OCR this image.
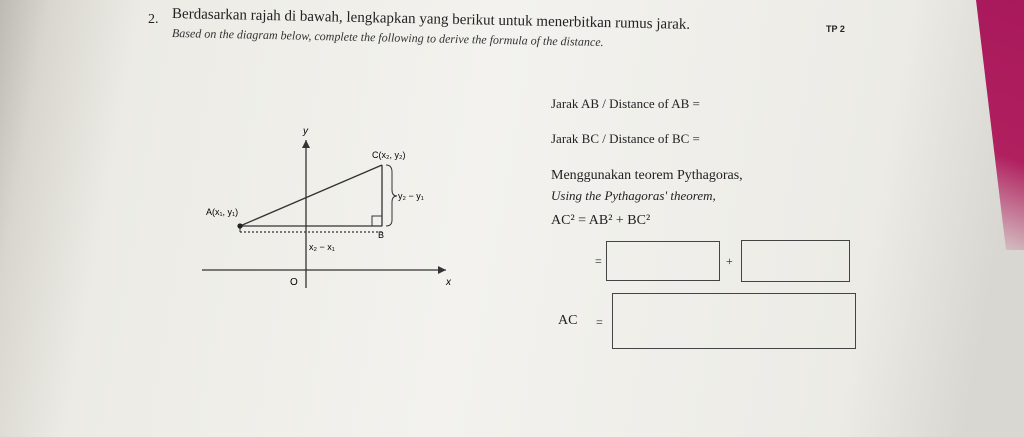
2. Berdasarkan rajah di bawah, lengkapkan yang berikut untuk menerbitkan rumus jarak.	TP 2
Based on the diagram below, complete the following to derive the formula of the distance.
y
x
O
A(x₁, y₁)
B
C(x₂, y₂)
y₂ − y₁
x₂ − x₁
Jarak AB / Distance of AB =
Jarak BC / Distance of BC =
Menggunakan teorem Pythagoras,
Using the Pythagoras' theorem,
AC² = AB² + BC²
=	+
AC =
